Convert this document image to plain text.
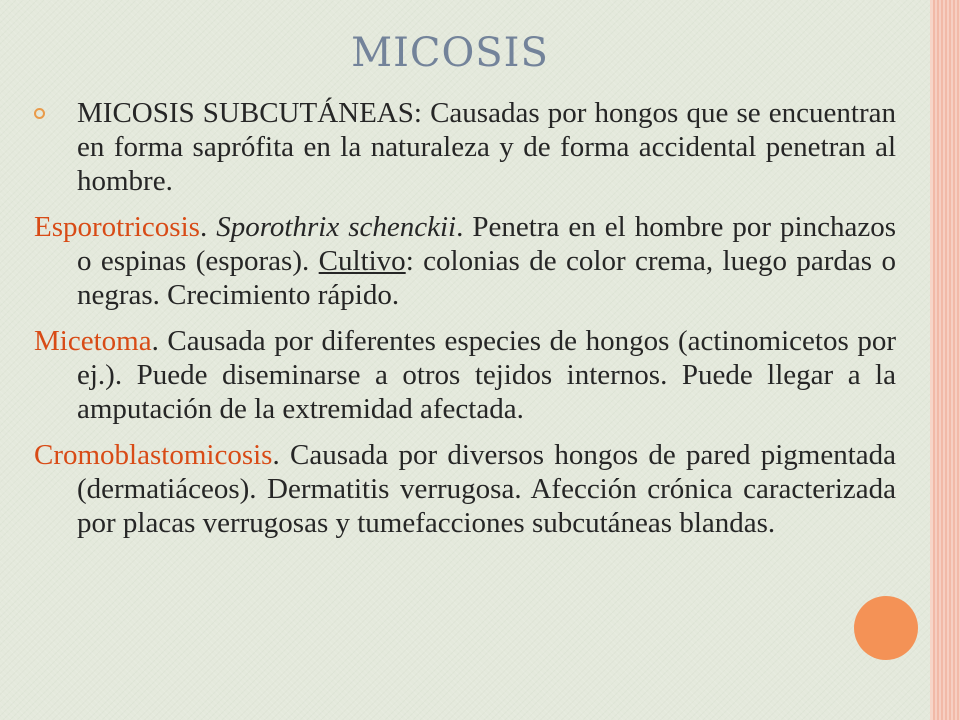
MICOSIS

MICOSIS SUBCUTÁNEAS: Causadas por hongos que se encuentran en forma saprófita en la naturaleza y de forma accidental penetran al hombre.

Esporotricosis. Sporothrix schenckii. Penetra en el hombre por pinchazos o espinas (esporas). Cultivo: colonias de color crema, luego pardas o negras. Crecimiento rápido.

Micetoma. Causada por diferentes especies de hongos (actinomicetos por ej.). Puede diseminarse a otros tejidos internos. Puede llegar a la amputación de la extremidad afectada.

Cromoblastomicosis. Causada por diversos hongos de pared pigmentada (dermatiáceos). Dermatitis verrugosa. Afección crónica caracterizada por placas verrugosas y tumefacciones subcutáneas blandas.
